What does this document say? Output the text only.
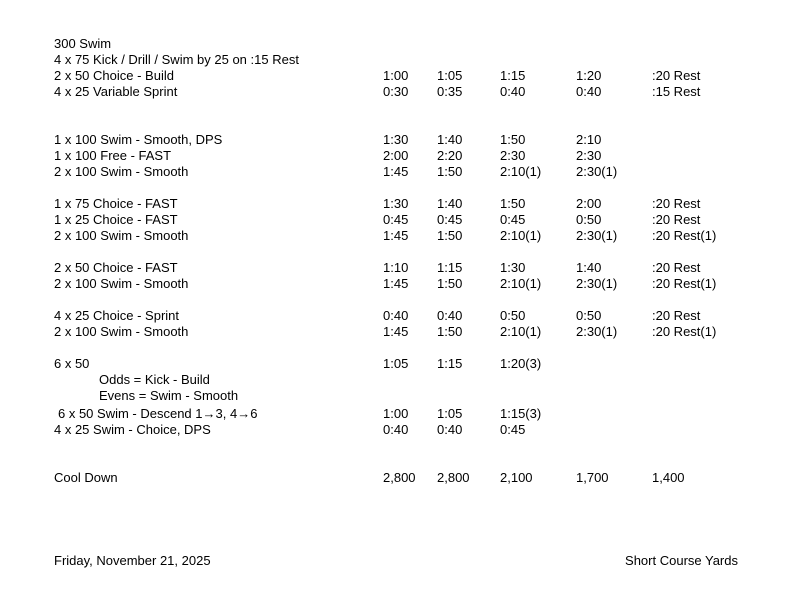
300 Swim
4 x 75 Kick / Drill / Swim by 25 on :15 Rest
2 x 50 Choice - Build	1:00 1:05	1:15	1:20	:20 Rest
4 x 25 Variable Sprint	0:30 0:35	0:40	0:40	:15 Rest
1 x 100 Swim - Smooth, DPS	1:30 1:40	1:50	2:10
1 x 100 Free - FAST	2:00 2:20	2:30	2:30
2 x 100 Swim - Smooth	1:45 1:50	2:10(1)	2:30(1)
1 x 75 Choice - FAST	1:30 1:40	1:50	2:00	:20 Rest
1 x 25 Choice - FAST	0:45 0:45	0:45	0:50	:20 Rest
2 x 100 Swim - Smooth	1:45 1:50	2:10(1)	2:30(1)	:20 Rest(1)
2 x 50 Choice - FAST	1:10 1:15	1:30	1:40	:20 Rest
2 x 100 Swim - Smooth	1:45 1:50	2:10(1)	2:30(1)	:20 Rest(1)
4 x 25 Choice - Sprint	0:40 0:40	0:50	0:50	:20 Rest
2 x 100 Swim - Smooth	1:45 1:50	2:10(1)	2:30(1)	:20 Rest(1)
6 x 50	1:05 1:15	1:20(3)
Odds = Kick - Build
Evens = Swim - Smooth
6 x 50 Swim - Descend 1→3, 4→6	1:00 1:05	1:15(3)
4 x 25 Swim - Choice, DPS	0:40 0:40	0:45
Cool Down	2,800 2,800 2,100	1,700	1,400
Friday, November 21, 2025	Short Course Yards
